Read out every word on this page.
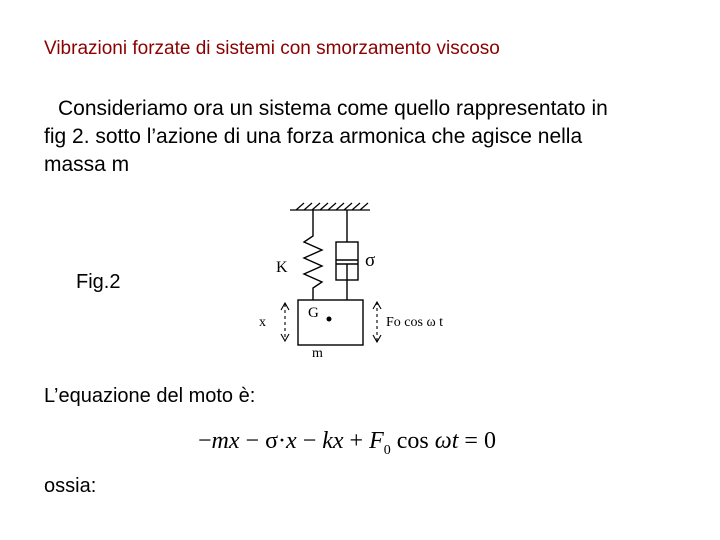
Vibrazioni forzate di sistemi con smorzamento viscoso
Consideriamo ora un sistema come quello rappresentato in
fig 2. sotto l’azione di una forza armonica che agisce nella
massa m
Fig.2
K	σ
G
x	Fo cos ω t
m
L’equazione del moto è:
−mx − σ·x − kx + $F_0$ cos ωt = 0
ossia:
